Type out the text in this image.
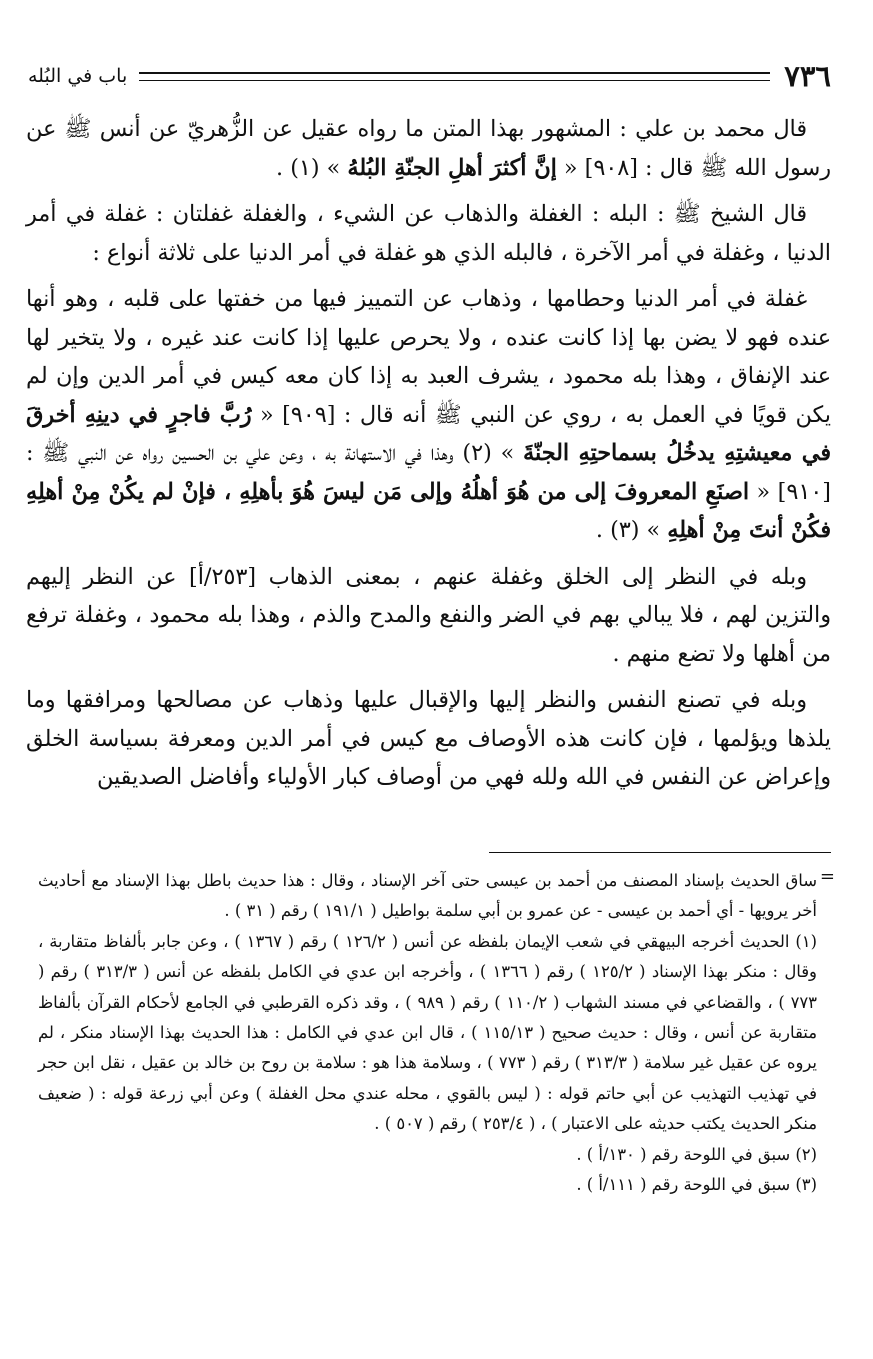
٧٣٦
باب في البُله

قال محمد بن علي : المشهور بهذا المتن ما رواه عقيل عن الزُّهريّ عن أنس ﷺ عن رسول الله ﷺ قال : [٩٠٨] « إنَّ أكثرَ أهلِ الجنّةِ البُلهُ » (١) .

قال الشيخ ﷺ : البله : الغفلة والذهاب عن الشيء ، والغفلة غفلتان : غفلة في أمر الدنيا ، وغفلة في أمر الآخرة ، فالبله الذي هو غفلة في أمر الدنيا على ثلاثة أنواع :

غفلة في أمر الدنيا وحطامها ، وذهاب عن التمييز فيها من خفتها على قلبه ، وهو أنها عنده فهو لا يضن بها إذا كانت عنده ، ولا يحرص عليها إذا كانت عند غيره ، ولا يتخير لها عند الإنفاق ، وهذا بله محمود ، يشرف العبد به إذا كان معه كيس في أمر الدين وإن لم يكن قويًا في العمل به ، روي عن النبي ﷺ أنه قال : [٩٠٩] « رُبَّ فاجرٍ في دينِهِ أخرقَ في معيشتِهِ يدخُلُ بسماحتِهِ الجنّةَ » (٢) وهذا في الاستهانة به ، وعن علي بن الحسين رواه عن النبي ﷺ : [٩١٠] « اصنَعِ المعروفَ إلى من هُوَ أهلُهُ وإلى مَن ليسَ هُوَ بأهلِهِ ، فإنْ لم يكُنْ مِنْ أهلِهِ فكُنْ أنتَ مِنْ أهلِهِ » (٣) .

وبله في النظر إلى الخلق وغفلة عنهم ، بمعنى الذهاب [٢٥٣/أ] عن النظر إليهم والتزين لهم ، فلا يبالي بهم في الضر والنفع والمدح والذم ، وهذا بله محمود ، وغفلة ترفع من أهلها ولا تضع منهم .

وبله في تصنع النفس والنظر إليها والإقبال عليها وذهاب عن مصالحها ومرافقها وما يلذها ويؤلمها ، فإن كانت هذه الأوصاف مع كيس في أمر الدين ومعرفة بسياسة الخلق وإعراض عن النفس في الله ولله فهي من أوصاف كبار الأولياء وأفاضل الصديقين

=

ساق الحديث بإسناد المصنف من أحمد بن عيسى حتى آخر الإسناد ، وقال : هذا حديث باطل بهذا الإسناد مع أحاديث أخر يرويها - أي أحمد بن عيسى - عن عمرو بن أبي سلمة بواطيل ( ١٩١/١ ) رقم ( ٣١ ) .

(١) الحديث أخرجه البيهقي في شعب الإيمان بلفظه عن أنس ( ١٢٦/٢ ) رقم ( ١٣٦٧ ) ، وعن جابر بألفاظ متقاربة ، وقال : منكر بهذا الإسناد ( ١٢٥/٢ ) رقم ( ١٣٦٦ ) ، وأخرجه ابن عدي في الكامل بلفظه عن أنس ( ٣١٣/٣ ) رقم ( ٧٧٣ ) ، والقضاعي في مسند الشهاب ( ١١٠/٢ ) رقم ( ٩٨٩ ) ، وقد ذكره القرطبي في الجامع لأحكام القرآن بألفاظ متقاربة عن أنس ، وقال : حديث صحيح ( ١١٥/١٣ ) ، قال ابن عدي في الكامل : هذا الحديث بهذا الإسناد منكر ، لم يروه عن عقيل غير سلامة ( ٣١٣/٣ ) رقم ( ٧٧٣ ) ، وسلامة هذا هو : سلامة بن روح بن خالد بن عقيل ، نقل ابن حجر في تهذيب التهذيب عن أبي حاتم قوله : ( ليس بالقوي ، محله عندي محل الغفلة ) وعن أبي زرعة قوله : ( ضعيف منكر الحديث يكتب حديثه على الاعتبار ) ، ( ٢٥٣/٤ ) رقم ( ٥٠٧ ) .

(٢) سبق في اللوحة رقم ( ١٣٠/أ ) .

(٣) سبق في اللوحة رقم ( ١١١/أ ) .
